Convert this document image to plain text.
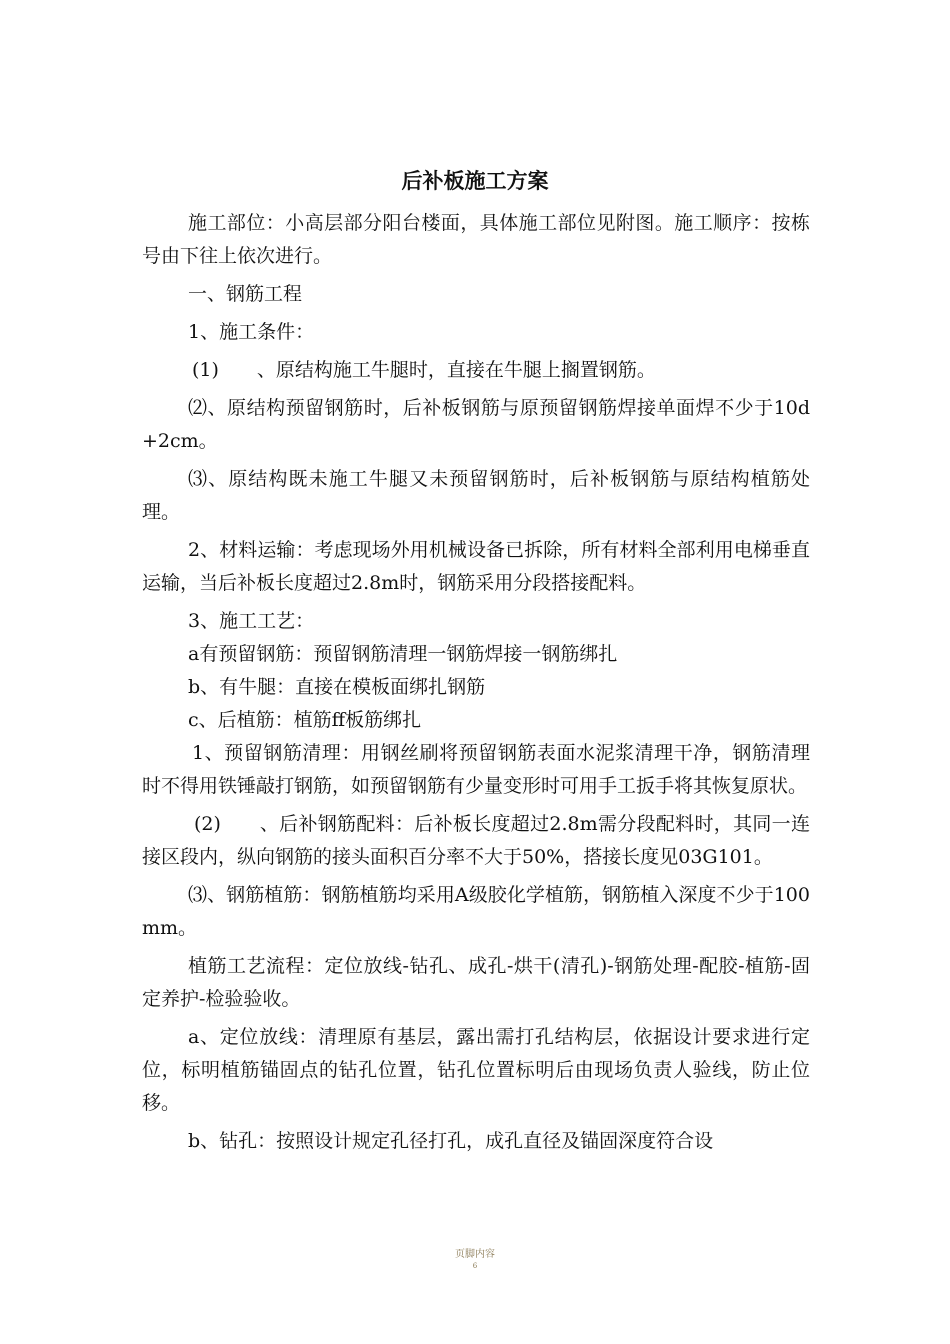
后补板施工方案

施工部位：小高层部分阳台楼面，具体施工部位见附图。施工顺序：按栋号由下往上依次进行。

一、钢筋工程

1、施工条件：

(1)　　、原结构施工牛腿时，直接在牛腿上搁置钢筋。

⑵、原结构预留钢筋时，后补板钢筋与原预留钢筋焊接单面焊不少于10d+2cm。

⑶、原结构既未施工牛腿又未预留钢筋时，后补板钢筋与原结构植筋处理。

2、材料运输：考虑现场外用机械设备已拆除，所有材料全部利用电梯垂直运输，当后补板长度超过2.8m时，钢筋采用分段搭接配料。

3、施工工艺：

a有预留钢筋：预留钢筋清理一钢筋焊接一钢筋绑扎

b、有牛腿：直接在模板面绑扎钢筋

c、后植筋：植筋ff板筋绑扎

1、预留钢筋清理：用钢丝刷将预留钢筋表面水泥浆清理干净，钢筋清理时不得用铁锤敲打钢筋，如预留钢筋有少量变形时可用手工扳手将其恢复原状。

(2)　　、后补钢筋配料：后补板长度超过2.8m需分段配料时，其同一连接区段内，纵向钢筋的接头面积百分率不大于50%，搭接长度见03G101。

⑶、钢筋植筋：钢筋植筋均采用A级胶化学植筋，钢筋植入深度不少于100mm。

植筋工艺流程：定位放线-钻孔、成孔-烘干(清孔)-钢筋处理-配胶-植筋-固定养护-检验验收。

a、定位放线：清理原有基层，露出需打孔结构层，依据设计要求进行定位，标明植筋锚固点的钻孔位置，钻孔位置标明后由现场负责人验线，防止位移。

b、钻孔：按照设计规定孔径打孔，成孔直径及锚固深度符合设

页脚内容
6
